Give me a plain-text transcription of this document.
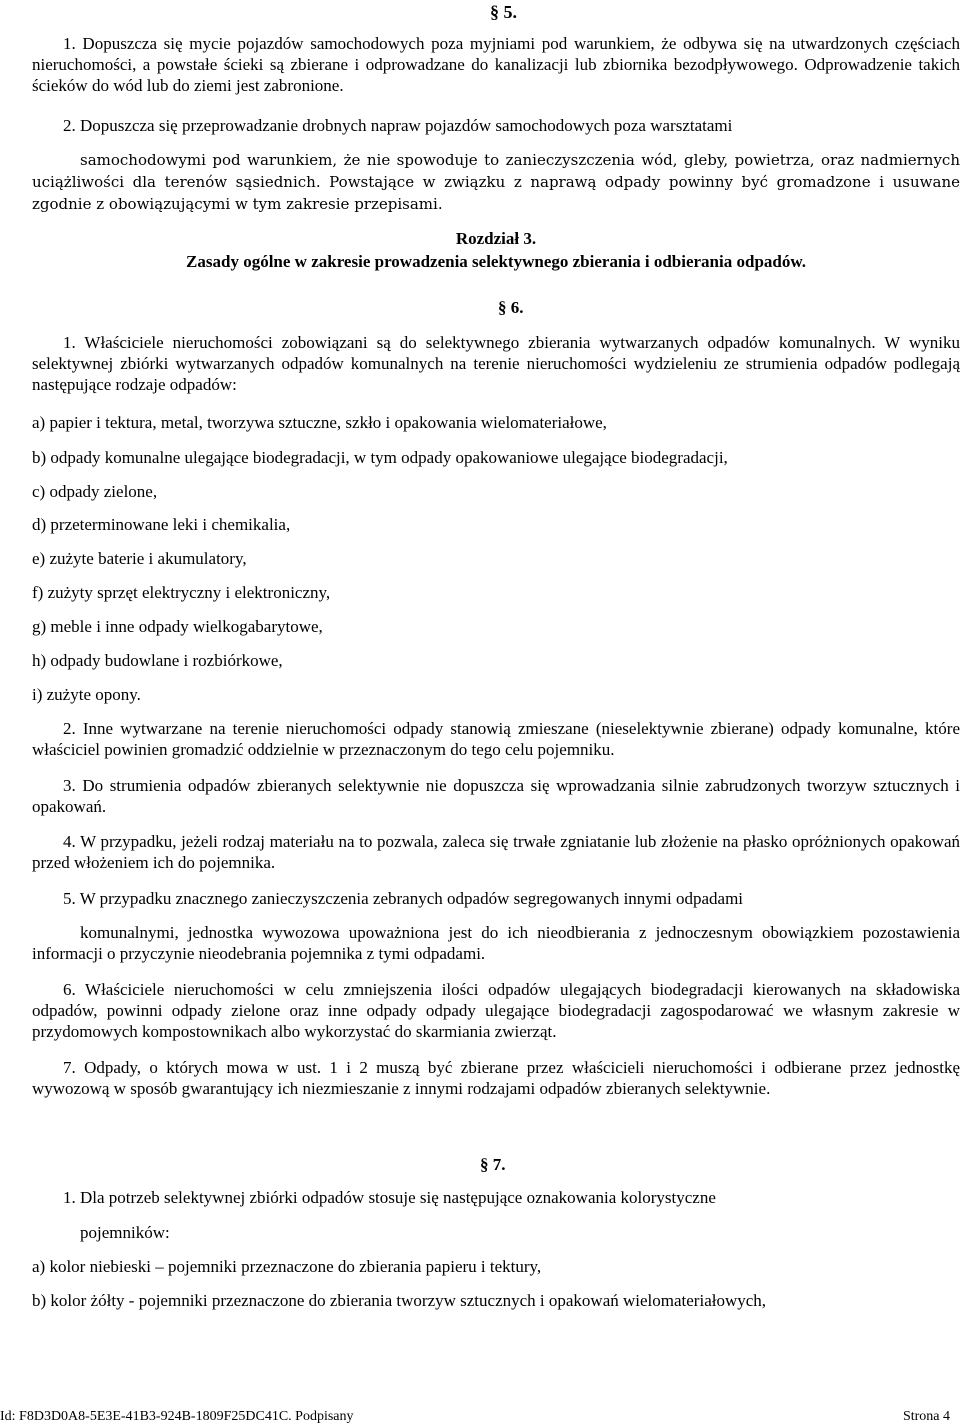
§ 5.

1. Dopuszcza się mycie pojazdów samochodowych poza myjniami pod warunkiem, że odbywa się na utwardzonych częściach nieruchomości, a powstałe ścieki są zbierane i odprowadzane do kanalizacji lub zbiornika bezodpływowego. Odprowadzenie takich ścieków do wód lub do ziemi jest zabronione.

2. Dopuszcza się przeprowadzanie drobnych napraw pojazdów samochodowych poza warsztatami

samochodowymi pod warunkiem, że nie spowoduje to zanieczyszczenia wód, gleby, powietrza, oraz nadmiernych uciążliwości dla terenów sąsiednich. Powstające w związku z naprawą odpady powinny być gromadzone i usuwane zgodnie z obowiązującymi w tym zakresie przepisami.

Rozdział 3.

Zasady ogólne w zakresie prowadzenia selektywnego zbierania i odbierania odpadów.

§ 6.

1. Właściciele nieruchomości zobowiązani są do selektywnego zbierania wytwarzanych odpadów komunalnych. W wyniku selektywnej zbiórki wytwarzanych odpadów komunalnych na terenie nieruchomości wydzieleniu ze strumienia odpadów podlegają następujące rodzaje odpadów:

a) papier i tektura, metal, tworzywa sztuczne, szkło i opakowania wielomateriałowe,

b) odpady komunalne ulegające biodegradacji, w tym odpady opakowaniowe ulegające biodegradacji,

c) odpady zielone,

d) przeterminowane leki i chemikalia,

e) zużyte baterie i akumulatory,

f) zużyty sprzęt elektryczny i elektroniczny,

g) meble i inne odpady wielkogabarytowe,

h) odpady budowlane i rozbiórkowe,

i) zużyte opony.

2. Inne wytwarzane na terenie nieruchomości odpady stanowią zmieszane (nieselektywnie zbierane) odpady komunalne, które właściciel powinien gromadzić oddzielnie w przeznaczonym do tego celu pojemniku.

3. Do strumienia odpadów zbieranych selektywnie nie dopuszcza się wprowadzania silnie zabrudzonych tworzyw sztucznych i opakowań.

4. W przypadku, jeżeli rodzaj materiału na to pozwala, zaleca się trwałe zgniatanie lub złożenie na płasko opróżnionych opakowań przed włożeniem ich do pojemnika.

5. W przypadku znacznego zanieczyszczenia zebranych odpadów segregowanych innymi odpadami

komunalnymi, jednostka wywozowa upoważniona jest do ich nieodbierania z jednoczesnym obowiązkiem pozostawienia informacji o przyczynie nieodebrania pojemnika z tymi odpadami.

6. Właściciele nieruchomości w celu zmniejszenia ilości odpadów ulegających biodegradacji kierowanych na składowiska odpadów, powinni odpady zielone oraz inne odpady odpady ulegające biodegradacji zagospodarować we własnym zakresie w przydomowych kompostownikach albo wykorzystać do skarmiania zwierząt.

7. Odpady, o których mowa w ust. 1 i 2 muszą być zbierane przez właścicieli nieruchomości i odbierane przez jednostkę wywozową w sposób gwarantujący ich niezmieszanie z innymi rodzajami odpadów zbieranych selektywnie.

§ 7.

1. Dla potrzeb selektywnej zbiórki odpadów stosuje się następujące oznakowania kolorystyczne

pojemników:

a) kolor niebieski – pojemniki przeznaczone do zbierania papieru i tektury,

b) kolor żółty - pojemniki przeznaczone do zbierania tworzyw sztucznych i opakowań wielomateriałowych,

Id: F8D3D0A8-5E3E-41B3-924B-1809F25DC41C. Podpisany	Strona 4
